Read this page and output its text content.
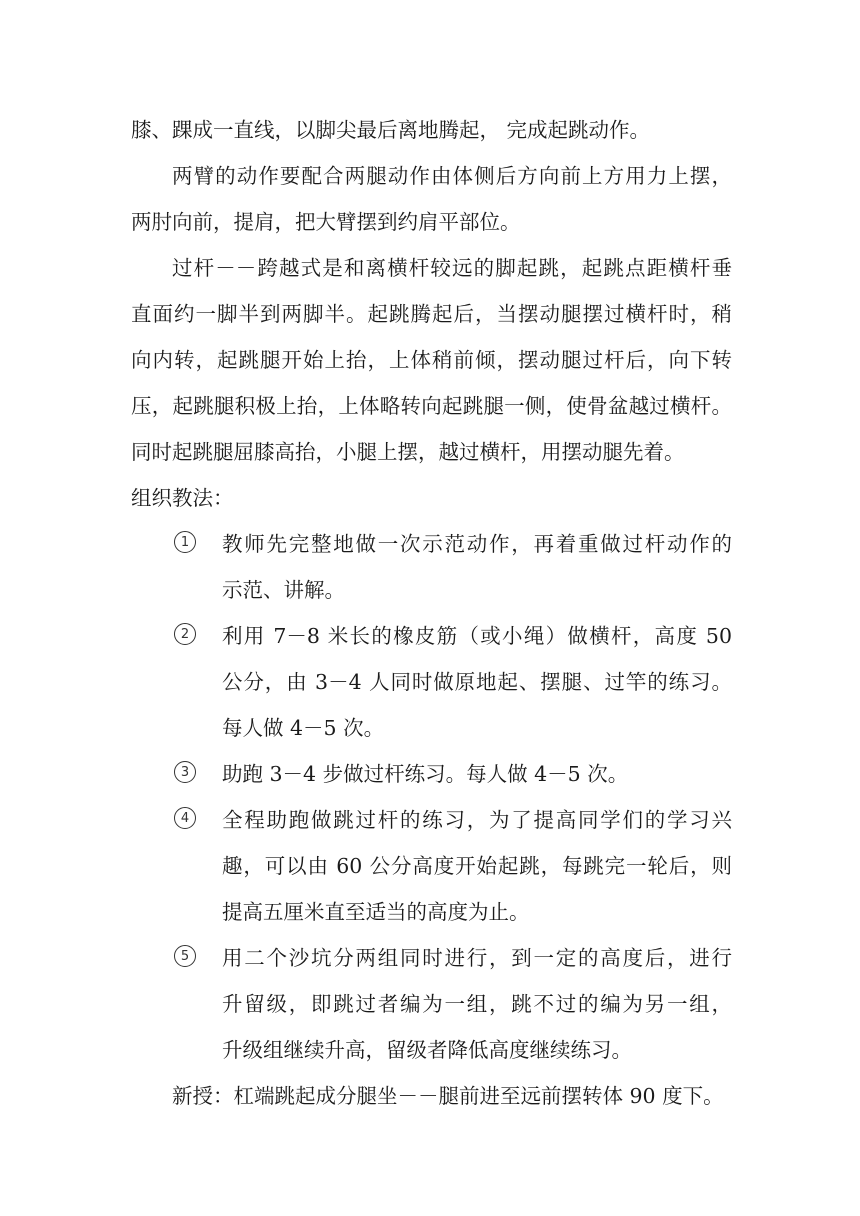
膝、踝成一直线，以脚尖最后离地腾起， 完成起跳动作。
两臂的动作要配合两腿动作由体侧后方向前上方用力上摆，
两肘向前，提肩，把大臂摆到约肩平部位。
过杆－－跨越式是和离横杆较远的脚起跳，起跳点距横杆垂
直面约一脚半到两脚半。起跳腾起后，当摆动腿摆过横杆时，稍
向内转，起跳腿开始上抬，上体稍前倾，摆动腿过杆后，向下转
压，起跳腿积极上抬，上体略转向起跳腿一侧，使骨盆越过横杆。
同时起跳腿屈膝高抬，小腿上摆，越过横杆，用摆动腿先着。
组织教法：
1	教师先完整地做一次示范动作，再着重做过杆动作的
示范、讲解。
2	利用 7－8 米长的橡皮筋（或小绳）做横杆，高度 50
公分，由 3－4 人同时做原地起、摆腿、过竿的练习。
每人做 4－5 次。
3	助跑 3－4 步做过杆练习。每人做 4－5 次。
4	全程助跑做跳过杆的练习，为了提高同学们的学习兴
趣，可以由 60 公分高度开始起跳，每跳完一轮后，则
提高五厘米直至适当的高度为止。
5	用二个沙坑分两组同时进行，到一定的高度后，进行
升留级，即跳过者编为一组，跳不过的编为另一组，
升级组继续升高，留级者降低高度继续练习。
新授：杠端跳起成分腿坐－－腿前进至远前摆转体 90 度下。
